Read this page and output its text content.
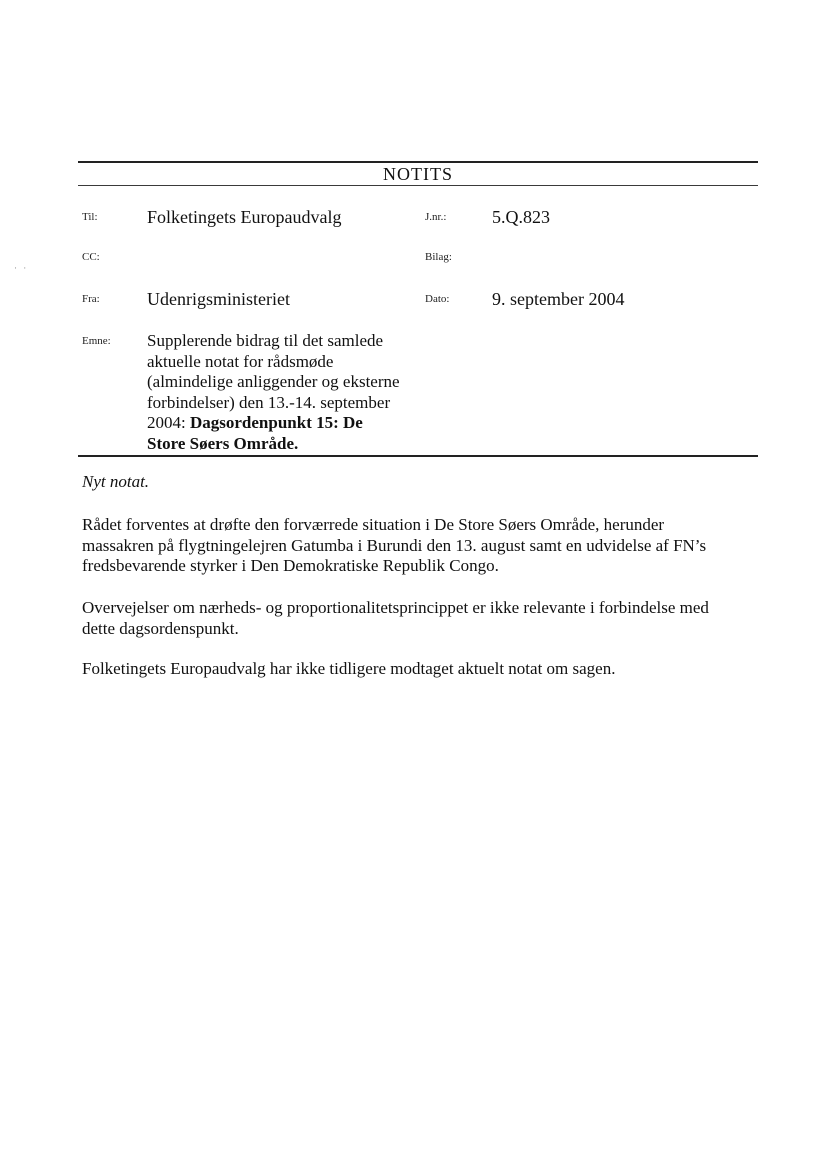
NOTITS
Til:	Folketingets Europaudvalg	J.nr.:	5.Q.823
CC:	Bilag:
Fra:	Udenrigsministeriet	Dato: 9. september 2004
Emne: Supplerende bidrag til det samlede
aktuelle notat for rådsmøde
(almindelige anliggender og eksterne
forbindelser) den 13.-14. september
2004: Dagsordenpunkt 15: De
Store Søers Område.
Nyt notat.
Rådet forventes at drøfte den forværrede situation i De Store Søers Område, herunder
massakren på flygtningelejren Gatumba i Burundi den 13. august samt en udvidelse af FN’s
fredsbevarende styrker i Den Demokratiske Republik Congo.
Overvejelser om nærheds- og proportionalitetsprincippet er ikke relevante i forbindelse med
dette dagsordenspunkt.
Folketingets Europaudvalg har ikke tidligere modtaget aktuelt notat om sagen.
· ·
